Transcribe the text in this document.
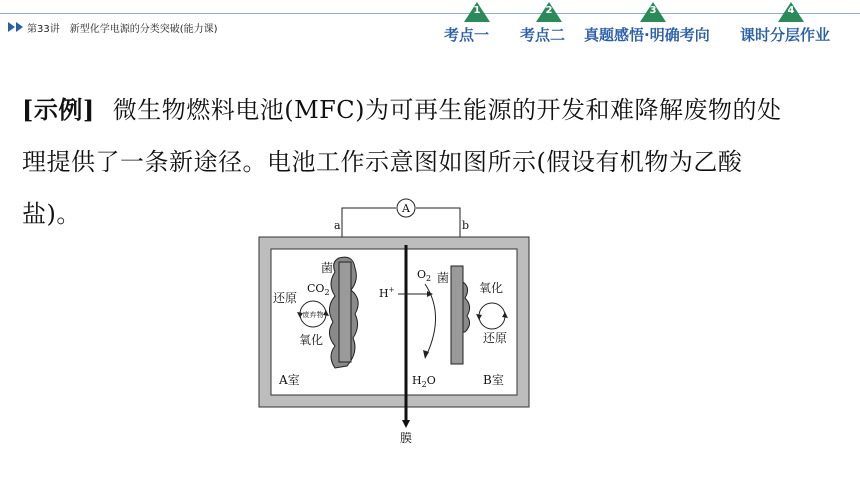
第33讲 新型化学电源的分类突破(能力课)
1
考点一
2
考点二
3
真题感悟·明确考向
4
课时分层作业
[示例] 微生物燃料电池(MFC)为可再生能源的开发和难降解废物的处
理提供了一条新途径。电池工作示意图如图所示(假设有机物为乙酸
盐)。	A
a	b
膜
菌
$CO_2$
还原
废弃物
氧化
H+
$O_2$ 菌
氧化
还原
A室	$H_2O$	B室
